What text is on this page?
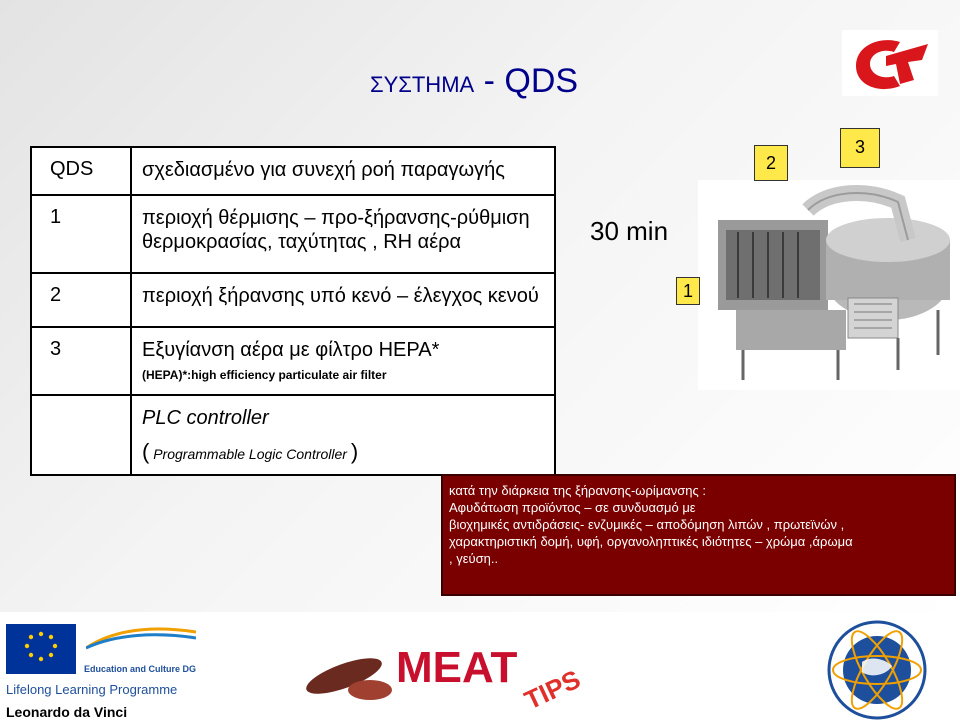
ΣΥΣΤΗΜΑ - QDS
QDS	σχεδιασμένο για συνεχή ροή παραγωγής
1	περιοχή θέρμισης – προ-ξήρανσης-ρύθμιση θερμοκρασίας, ταχύτητας , RH αέρα
2	περιοχή ξήρανσης υπό κενό – έλεγχος κενού
3	Εξυγίανση αέρα με φίλτρο HEPA*
(HEPA)*:high efficiency particulate air filter

	PLC controller
( Programmable Logic Controller )
30 min
1
2
3
κατά την διάρκεια της ξήρανσης-ωρίμανσης :
Αφυδάτωση προϊόντος – σε συνδυασμό με
βιοχημικές αντιδράσεις- ενζυμικές – αποδόμηση λιπών , πρωτεϊνών ,
χαρακτηριστική δομή, υφή, οργανοληπτικές ιδιότητες – χρώμα ,άρωμα
, γεύση..
Education and Culture DG
Lifelong Learning Programme
Leonardo da Vinci
MEAT TIPS
